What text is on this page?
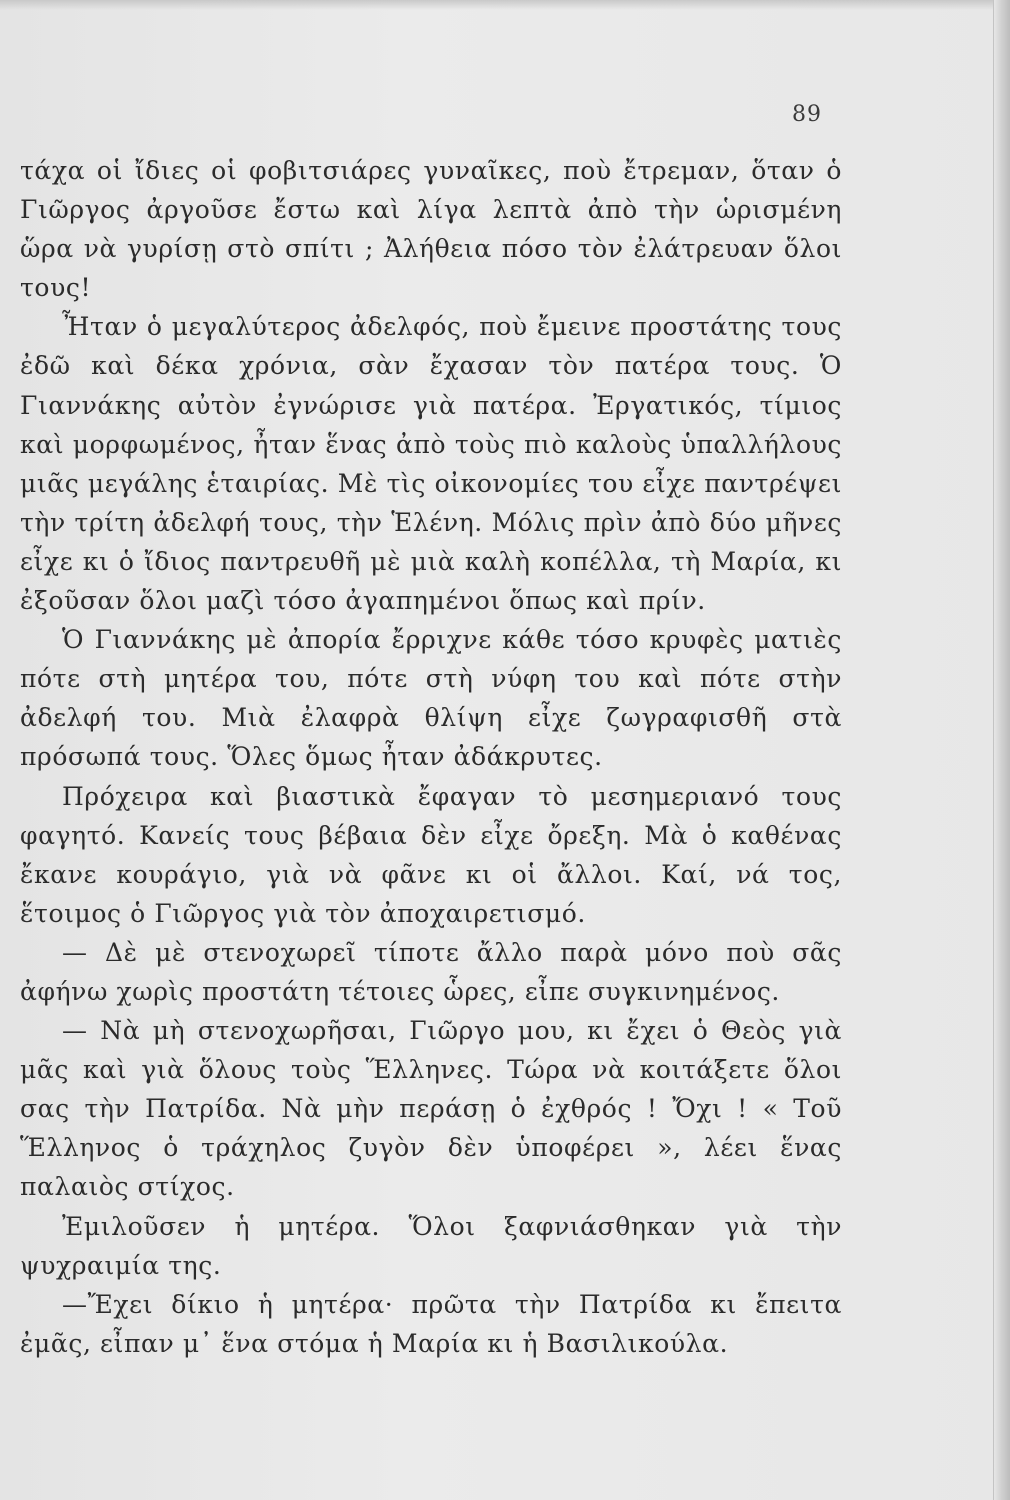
89

τάχα οἱ ἴδιες οἱ φοβιτσιάρες γυναῖκες, ποὺ ἔτρεμαν, ὅταν ὁ Γιῶργος ἀργοῦσε ἔστω καὶ λίγα λεπτὰ ἀπὸ τὴν ὡρισμένη ὥρα νὰ γυρίσῃ στὸ σπίτι ; Ἀλήθεια πόσο τὸν ἐλάτρευαν ὅλοι τους!

Ἦταν ὁ μεγαλύτερος ἀδελφός, ποὺ ἔμεινε προστάτης τους ἐδῶ καὶ δέκα χρόνια, σὰν ἔχασαν τὸν πατέρα τους. Ὁ Γιαννάκης αὐτὸν ἐγνώρισε γιὰ πατέρα. Ἐργατικός, τίμιος καὶ μορφωμένος, ἦταν ἕνας ἀπὸ τοὺς πιὸ καλοὺς ὑπαλλήλους μιᾶς μεγάλης ἑταιρίας. Μὲ τὶς οἰκονομίες του εἶχε παντρέψει τὴν τρίτη ἀδελφή τους, τὴν Ἑλένη. Μόλις πρὶν ἀπὸ δύο μῆνες εἶχε κι ὁ ἴδιος παντρευθῆ μὲ μιὰ καλὴ κοπέλλα, τὴ Μαρία, κι ἐξοῦσαν ὅλοι μαζὶ τόσο ἀγαπημένοι ὅπως καὶ πρίν.

Ὁ Γιαννάκης μὲ ἀπορία ἔρριχνε κάθε τόσο κρυφὲς ματιὲς πότε στὴ μητέρα του, πότε στὴ νύφη του καὶ πότε στὴν ἀδελφή του. Μιὰ ἐλαφρὰ θλίψη εἶχε ζωγραφισθῆ στὰ πρόσωπά τους. Ὅλες ὅμως ἦταν ἀδάκρυτες.

Πρόχειρα καὶ βιαστικὰ ἔφαγαν τὸ μεσημεριανό τους φαγητό. Κανείς τους βέβαια δὲν εἶχε ὄρεξη. Μὰ ὁ καθένας ἔκανε κουράγιο, γιὰ νὰ φᾶνε κι οἱ ἄλλοι. Καί, νά τος, ἕτοιμος ὁ Γιῶργος γιὰ τὸν ἀποχαιρετισμό.

— Δὲ μὲ στενοχωρεῖ τίποτε ἄλλο παρὰ μόνο ποὺ σᾶς ἀφήνω χωρὶς προστάτη τέτοιες ὧρες, εἶπε συγκινημένος.

— Νὰ μὴ στενοχωρῆσαι, Γιῶργο μου, κι ἔχει ὁ Θεὸς γιὰ μᾶς καὶ γιὰ ὅλους τοὺς Ἕλληνες. Τώρα νὰ κοιτάξετε ὅλοι σας τὴν Πατρίδα. Νὰ μὴν περάσῃ ὁ ἐχθρός ! Ὄχι ! « Τοῦ Ἕλληνος ὁ τράχηλος ζυγὸν δὲν ὑποφέρει », λέει ἕνας παλαιὸς στίχος.

Ἐμιλοῦσεν ἡ μητέρα. Ὅλοι ξαφνιάσθηκαν γιὰ τὴν ψυχραιμία της.

—Ἔχει δίκιο ἡ μητέρα· πρῶτα τὴν Πατρίδα κι ἔπειτα ἐμᾶς, εἶπαν μ᾿ ἕνα στόμα ἡ Μαρία κι ἡ Βασιλικούλα.
